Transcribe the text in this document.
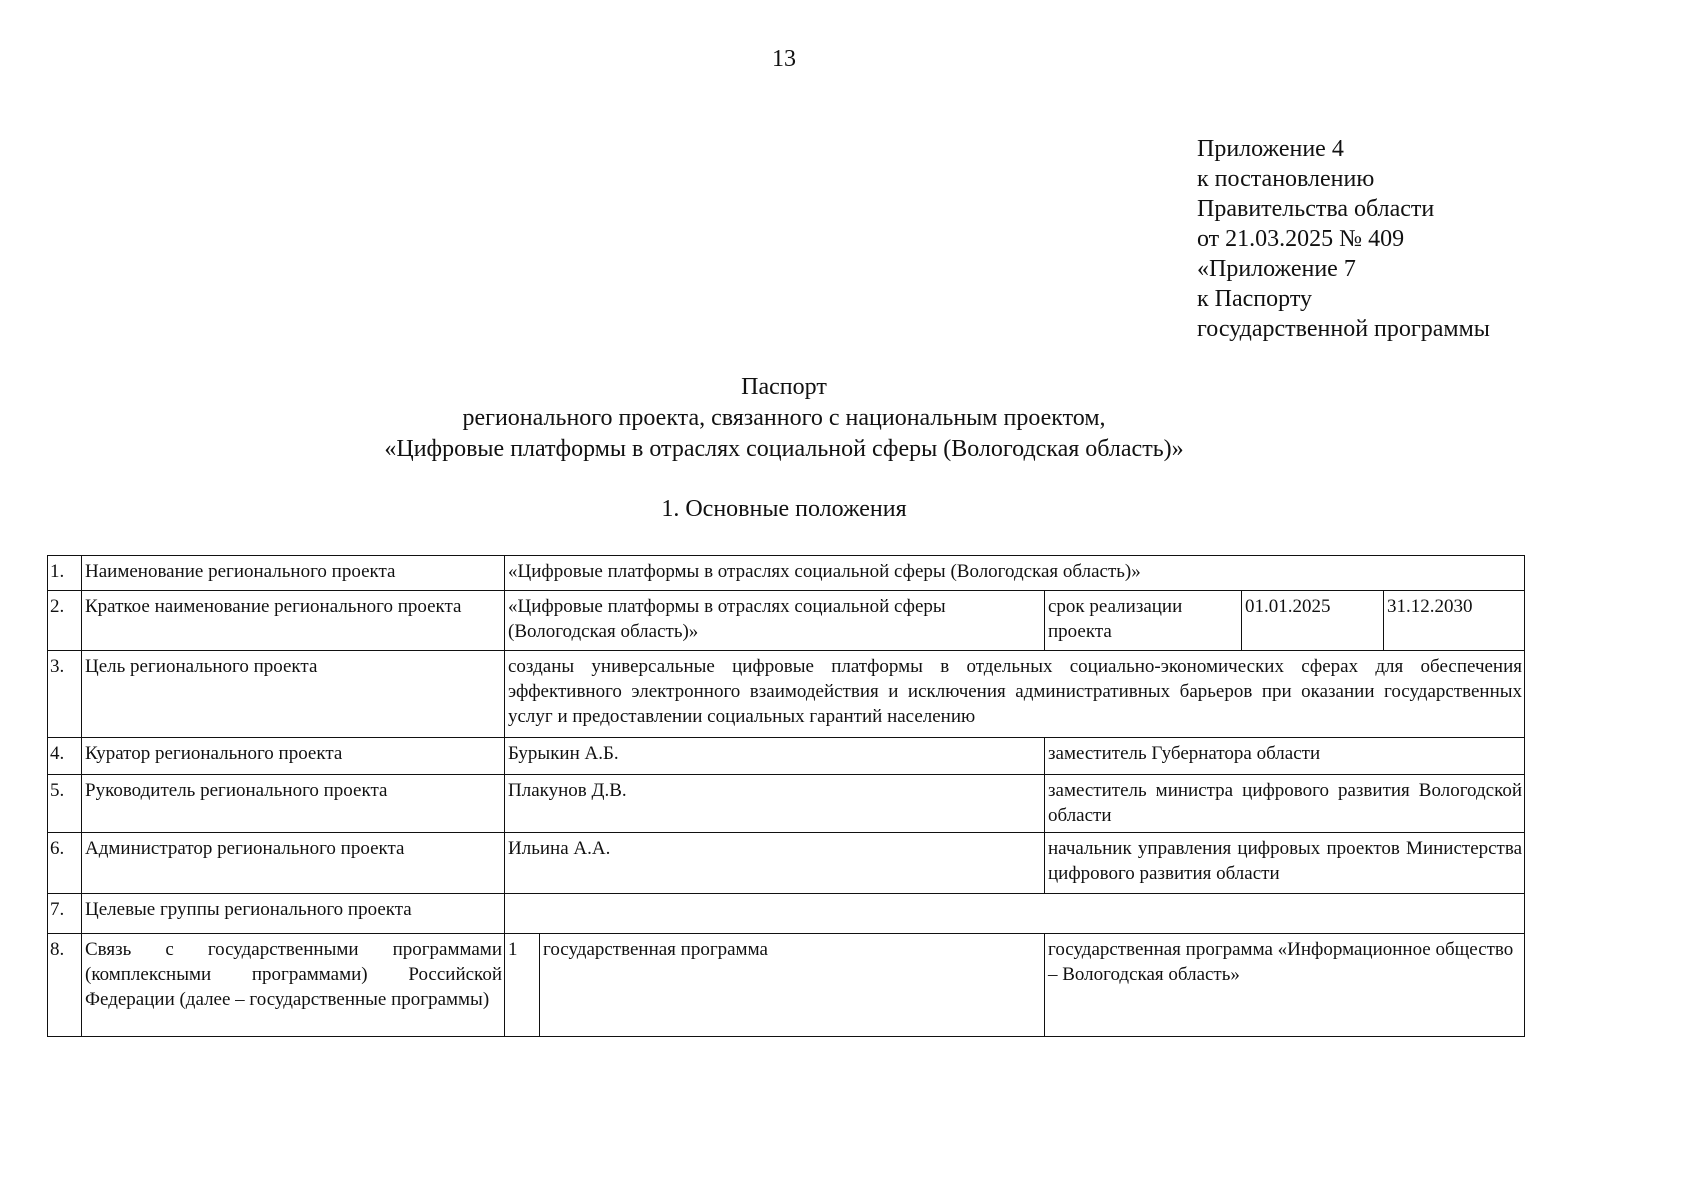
13
Приложение 4
к постановлению
Правительства области
от 21.03.2025 № 409
«Приложение 7
к Паспорту
государственной программы
Паспорт
регионального проекта, связанного с национальным проектом,
«Цифровые платформы в отраслях социальной сферы (Вологодская область)»
1. Основные положения
1.	Наименование регионального проекта	«Цифровые платформы в отраслях социальной сферы (Вологодская область)»				
2.	Краткое наименование регионального проекта	«Цифровые платформы в отраслях социальной сферы (Вологодская область)»		срок реализации проекта	01.01.2025	31.12.2030
3.	Цель регионального проекта	созданы универсальные цифровые платформы в отдельных социально-экономических сферах для обеспечения эффективного электронного взаимодействия и исключения административных барьеров при оказании государственных услуг и предоставлении социальных гарантий населению				
4.	Куратор регионального проекта	Бурыкин А.Б.		заместитель Губернатора области		
5.	Руководитель регионального проекта	Плакунов Д.В.		заместитель министра цифрового развития Вологодской области		
6.	Администратор регионального проекта	Ильина А.А.		начальник управления цифровых проектов Министерства цифрового развития области		
7.	Целевые группы регионального проекта					
8.	Связь с государственными программами (комплексными программами) Российской Федерации (далее – государственные программы)	1	государственная программа	государственная программа «Информационное общество – Вологодская область»		
